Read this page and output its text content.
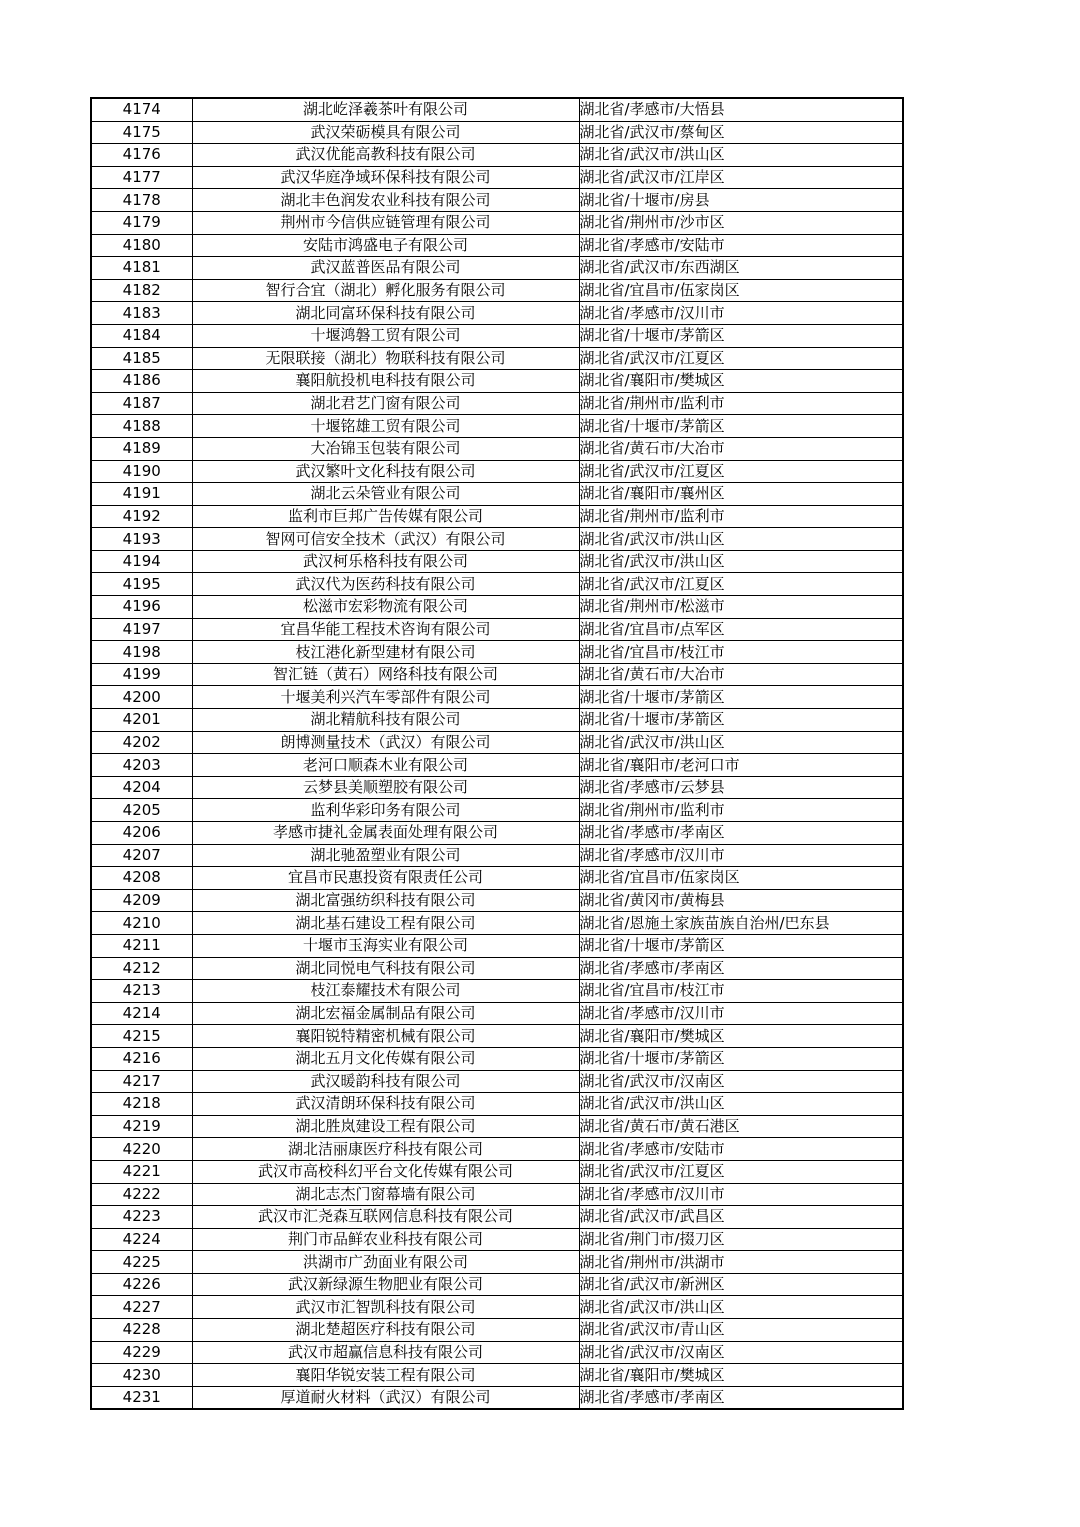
4174	湖北屹泽羲茶叶有限公司	湖北省/孝感市/大悟县
4175	武汉荣砺模具有限公司	湖北省/武汉市/蔡甸区
4176	武汉优能高教科技有限公司	湖北省/武汉市/洪山区
4177	武汉华庭净域环保科技有限公司	湖北省/武汉市/江岸区
4178	湖北丰色润发农业科技有限公司	湖北省/十堰市/房县
4179	荆州市今信供应链管理有限公司	湖北省/荆州市/沙市区
4180	安陆市鸿盛电子有限公司	湖北省/孝感市/安陆市
4181	武汉蓝普医品有限公司	湖北省/武汉市/东西湖区
4182	智行合宜（湖北）孵化服务有限公司	湖北省/宜昌市/伍家岗区
4183	湖北同富环保科技有限公司	湖北省/孝感市/汉川市
4184	十堰鸿磐工贸有限公司	湖北省/十堰市/茅箭区
4185	无限联接（湖北）物联科技有限公司	湖北省/武汉市/江夏区
4186	襄阳航投机电科技有限公司	湖北省/襄阳市/樊城区
4187	湖北君艺门窗有限公司	湖北省/荆州市/监利市
4188	十堰铭雄工贸有限公司	湖北省/十堰市/茅箭区
4189	大冶锦玉包装有限公司	湖北省/黄石市/大冶市
4190	武汉繁叶文化科技有限公司	湖北省/武汉市/江夏区
4191	湖北云朵管业有限公司	湖北省/襄阳市/襄州区
4192	监利市巨邦广告传媒有限公司	湖北省/荆州市/监利市
4193	智网可信安全技术（武汉）有限公司	湖北省/武汉市/洪山区
4194	武汉柯乐格科技有限公司	湖北省/武汉市/洪山区
4195	武汉代为医药科技有限公司	湖北省/武汉市/江夏区
4196	松滋市宏彩物流有限公司	湖北省/荆州市/松滋市
4197	宜昌华能工程技术咨询有限公司	湖北省/宜昌市/点军区
4198	枝江港化新型建材有限公司	湖北省/宜昌市/枝江市
4199	智汇链（黄石）网络科技有限公司	湖北省/黄石市/大冶市
4200	十堰美利兴汽车零部件有限公司	湖北省/十堰市/茅箭区
4201	湖北精航科技有限公司	湖北省/十堰市/茅箭区
4202	朗博测量技术（武汉）有限公司	湖北省/武汉市/洪山区
4203	老河口顺森木业有限公司	湖北省/襄阳市/老河口市
4204	云梦县美顺塑胶有限公司	湖北省/孝感市/云梦县
4205	监利华彩印务有限公司	湖北省/荆州市/监利市
4206	孝感市捷礼金属表面处理有限公司	湖北省/孝感市/孝南区
4207	湖北驰盈塑业有限公司	湖北省/孝感市/汉川市
4208	宜昌市民惠投资有限责任公司	湖北省/宜昌市/伍家岗区
4209	湖北富强纺织科技有限公司	湖北省/黄冈市/黄梅县
4210	湖北基石建设工程有限公司	湖北省/恩施土家族苗族自治州/巴东县
4211	十堰市玉海实业有限公司	湖北省/十堰市/茅箭区
4212	湖北同悦电气科技有限公司	湖北省/孝感市/孝南区
4213	枝江泰耀技术有限公司	湖北省/宜昌市/枝江市
4214	湖北宏福金属制品有限公司	湖北省/孝感市/汉川市
4215	襄阳锐特精密机械有限公司	湖北省/襄阳市/樊城区
4216	湖北五月文化传媒有限公司	湖北省/十堰市/茅箭区
4217	武汉暖韵科技有限公司	湖北省/武汉市/汉南区
4218	武汉清朗环保科技有限公司	湖北省/武汉市/洪山区
4219	湖北胜岚建设工程有限公司	湖北省/黄石市/黄石港区
4220	湖北洁丽康医疗科技有限公司	湖北省/孝感市/安陆市
4221	武汉市高校科幻平台文化传媒有限公司	湖北省/武汉市/江夏区
4222	湖北志杰门窗幕墙有限公司	湖北省/孝感市/汉川市
4223	武汉市汇尧森互联网信息科技有限公司	湖北省/武汉市/武昌区
4224	荆门市品鲜农业科技有限公司	湖北省/荆门市/掇刀区
4225	洪湖市广劲面业有限公司	湖北省/荆州市/洪湖市
4226	武汉新绿源生物肥业有限公司	湖北省/武汉市/新洲区
4227	武汉市汇智凯科技有限公司	湖北省/武汉市/洪山区
4228	湖北楚超医疗科技有限公司	湖北省/武汉市/青山区
4229	武汉市超赢信息科技有限公司	湖北省/武汉市/汉南区
4230	襄阳华锐安装工程有限公司	湖北省/襄阳市/樊城区
4231	厚道耐火材料（武汉）有限公司	湖北省/孝感市/孝南区
